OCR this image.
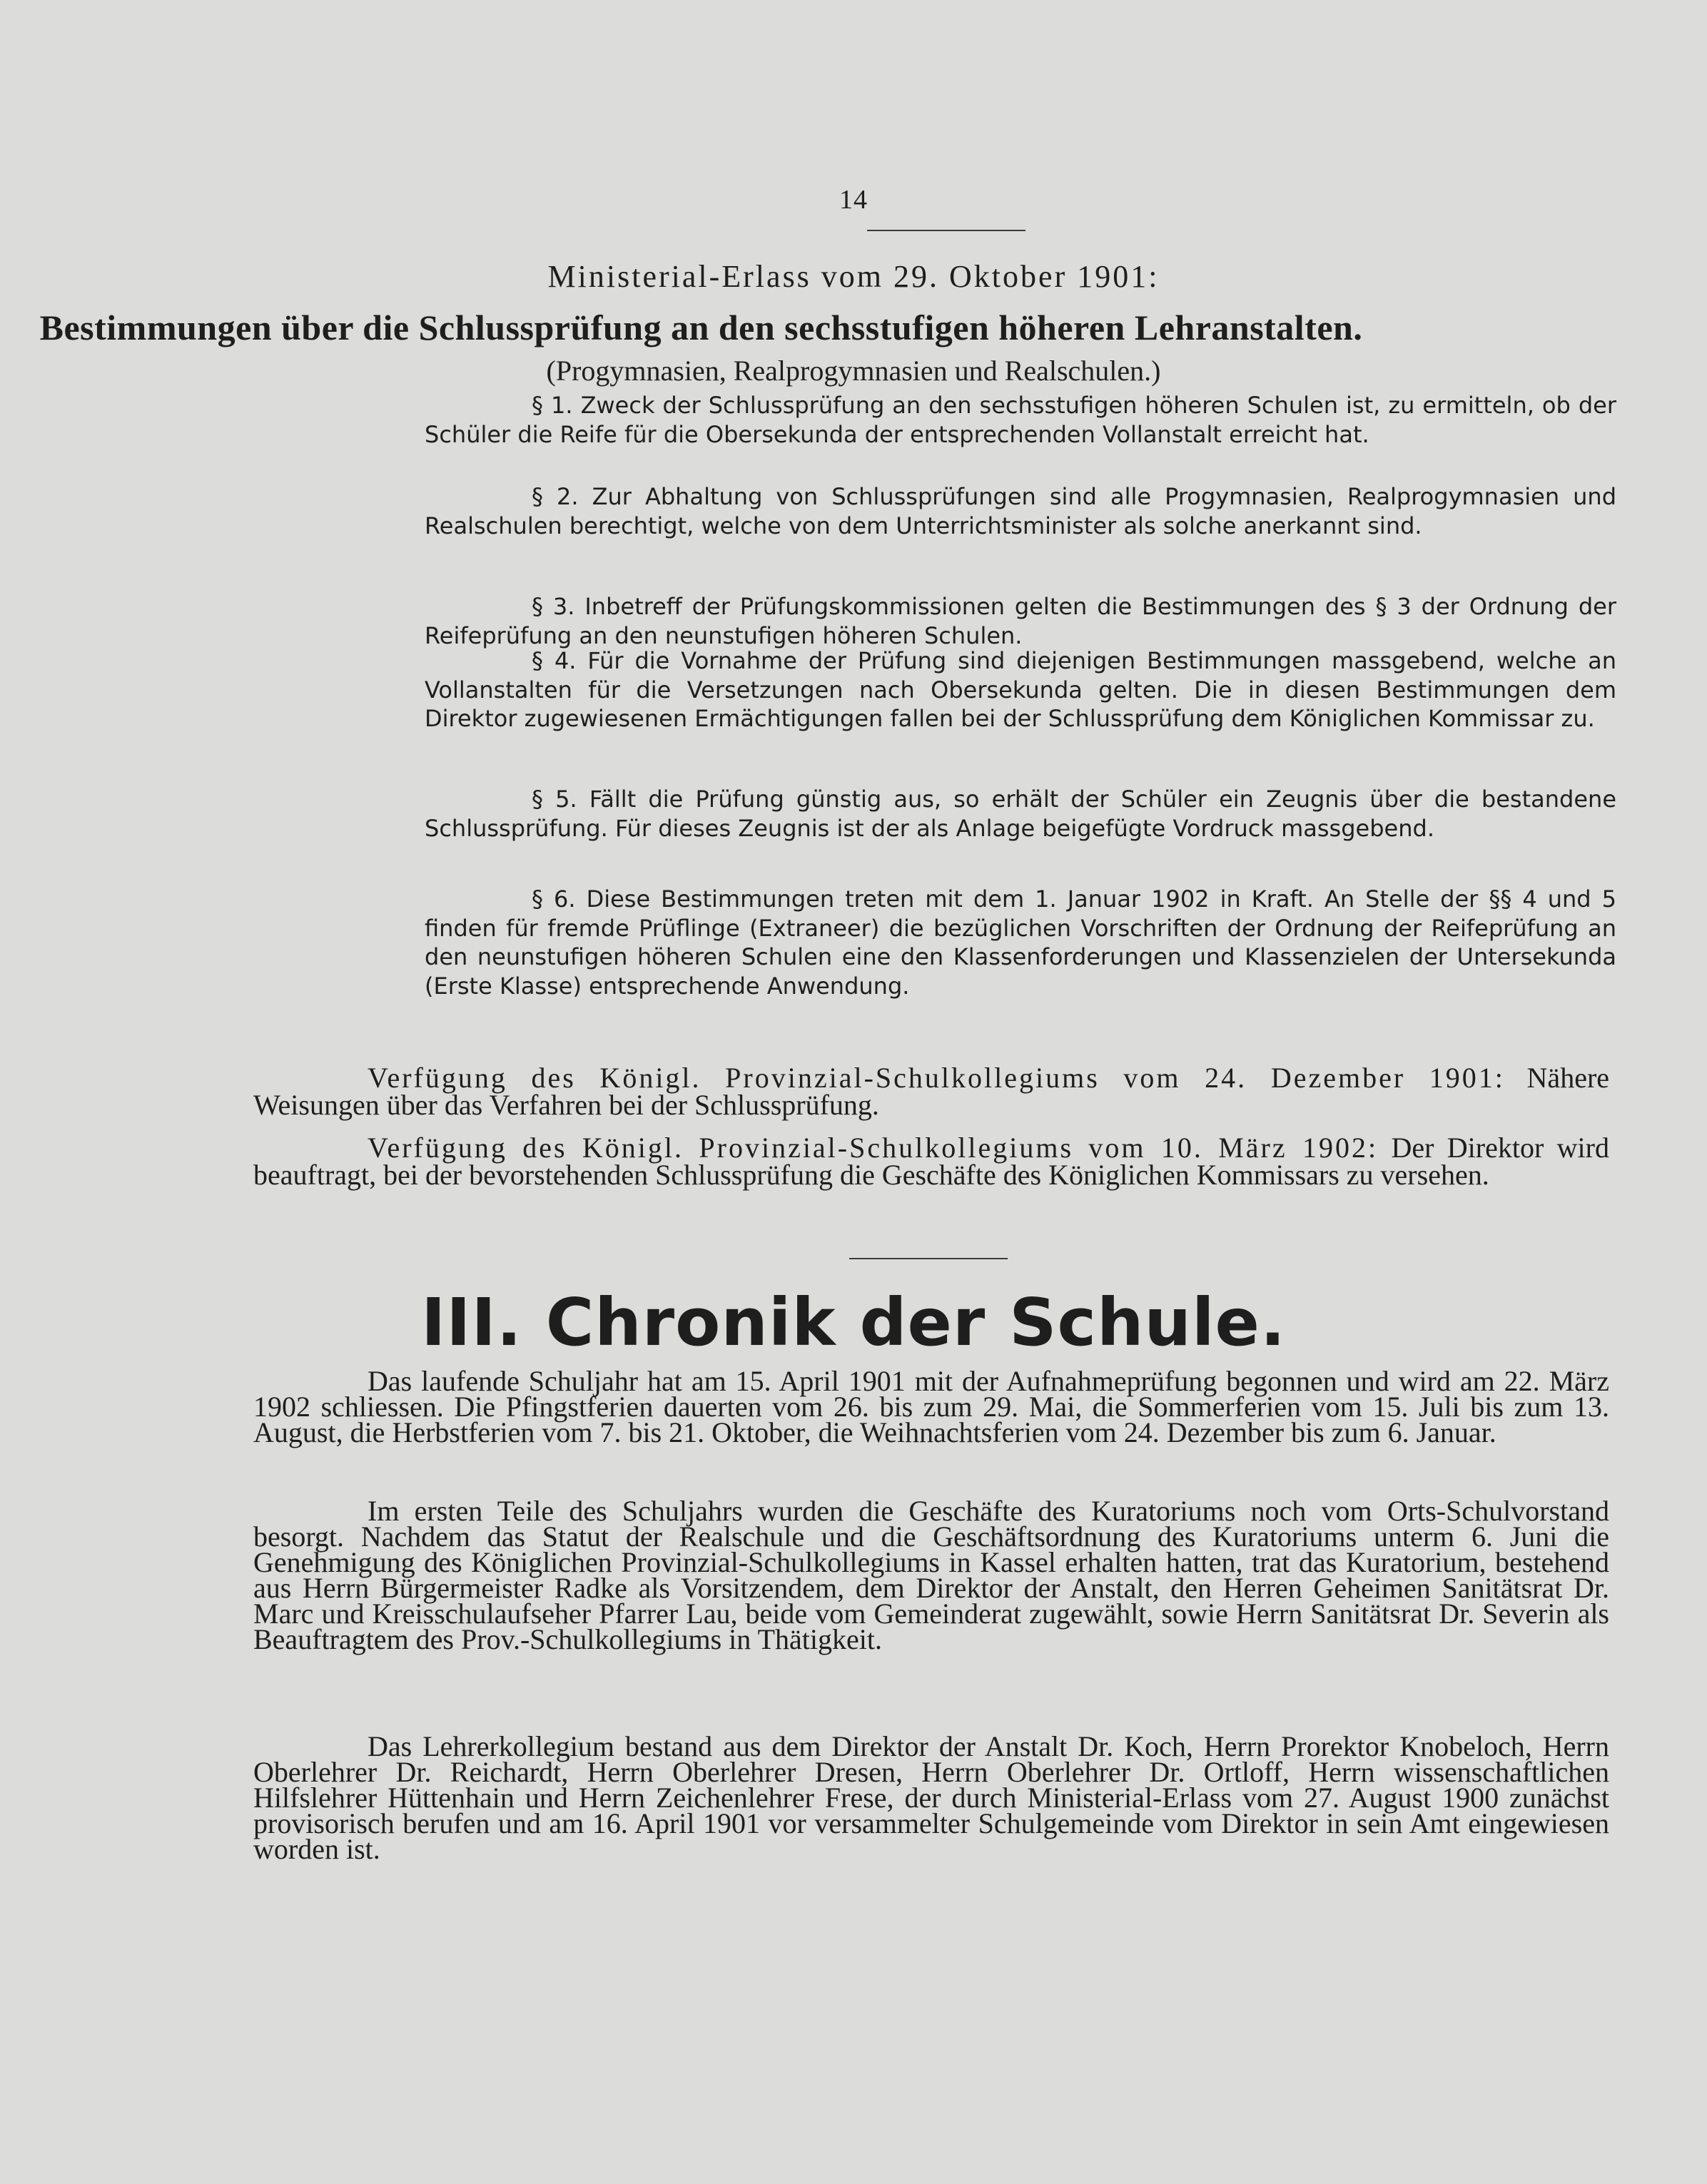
14
Ministerial-Erlass vom 29. Oktober 1901:
Bestimmungen über die Schlussprüfung an den sechsstufigen höheren Lehranstalten.
(Progymnasien, Realprogymnasien und Realschulen.)

§ 1. Zweck der Schlussprüfung an den sechsstufigen höheren Schulen ist, zu ermitteln, ob der Schüler die Reife für die Obersekunda der entsprechenden Vollanstalt erreicht hat.

§ 2. Zur Abhaltung von Schlussprüfungen sind alle Progymnasien, Realprogymnasien und Realschulen berechtigt, welche von dem Unterrichtsminister als solche anerkannt sind.

§ 3. Inbetreff der Prüfungskommissionen gelten die Bestimmungen des § 3 der Ordnung der Reifeprüfung an den neunstufigen höheren Schulen.

§ 4. Für die Vornahme der Prüfung sind diejenigen Bestimmungen massgebend, welche an Vollanstalten für die Versetzungen nach Obersekunda gelten. Die in diesen Bestimmungen dem Direktor zugewiesenen Ermächtigungen fallen bei der Schlussprüfung dem Königlichen Kommissar zu.

§ 5. Fällt die Prüfung günstig aus, so erhält der Schüler ein Zeugnis über die bestandene Schlussprüfung. Für dieses Zeugnis ist der als Anlage beigefügte Vordruck massgebend.

§ 6. Diese Bestimmungen treten mit dem 1. Januar 1902 in Kraft. An Stelle der §§ 4 und 5 finden für fremde Prüflinge (Extraneer) die bezüglichen Vorschriften der Ordnung der Reifeprüfung an den neunstufigen höheren Schulen eine den Klassenforderungen und Klassenzielen der Untersekunda (Erste Klasse) entsprechende Anwendung.

Verfügung des Königl. Provinzial-Schulkollegiums vom 24. Dezember 1901: Nähere Weisungen über das Verfahren bei der Schlussprüfung.

Verfügung des Königl. Provinzial-Schulkollegiums vom 10. März 1902: Der Direktor wird beauftragt, bei der bevorstehenden Schlussprüfung die Geschäfte des Königlichen Kommissars zu versehen.

III. Chronik der Schule.

Das laufende Schuljahr hat am 15. April 1901 mit der Aufnahmeprüfung begonnen und wird am 22. März 1902 schliessen. Die Pfingstferien dauerten vom 26. bis zum 29. Mai, die Sommerferien vom 15. Juli bis zum 13. August, die Herbstferien vom 7. bis 21. Oktober, die Weihnachtsferien vom 24. Dezember bis zum 6. Januar.

Im ersten Teile des Schuljahrs wurden die Geschäfte des Kuratoriums noch vom Orts-Schulvorstand besorgt. Nachdem das Statut der Realschule und die Geschäftsordnung des Kuratoriums unterm 6. Juni die Genehmigung des Königlichen Provinzial-Schulkollegiums in Kassel erhalten hatten, trat das Kuratorium, bestehend aus Herrn Bürgermeister Radke als Vorsitzendem, dem Direktor der Anstalt, den Herren Geheimen Sanitätsrat Dr. Marc und Kreisschulaufseher Pfarrer Lau, beide vom Gemeinderat zugewählt, sowie Herrn Sanitätsrat Dr. Severin als Beauftragtem des Prov.-Schulkollegiums in Thätigkeit.

Das Lehrerkollegium bestand aus dem Direktor der Anstalt Dr. Koch, Herrn Prorektor Knobeloch, Herrn Oberlehrer Dr. Reichardt, Herrn Oberlehrer Dresen, Herrn Oberlehrer Dr. Ortloff, Herrn wissenschaftlichen Hilfslehrer Hüttenhain und Herrn Zeichenlehrer Frese, der durch Ministerial-Erlass vom 27. August 1900 zunächst provisorisch berufen und am 16. April 1901 vor versammelter Schulgemeinde vom Direktor in sein Amt eingewiesen worden ist.
